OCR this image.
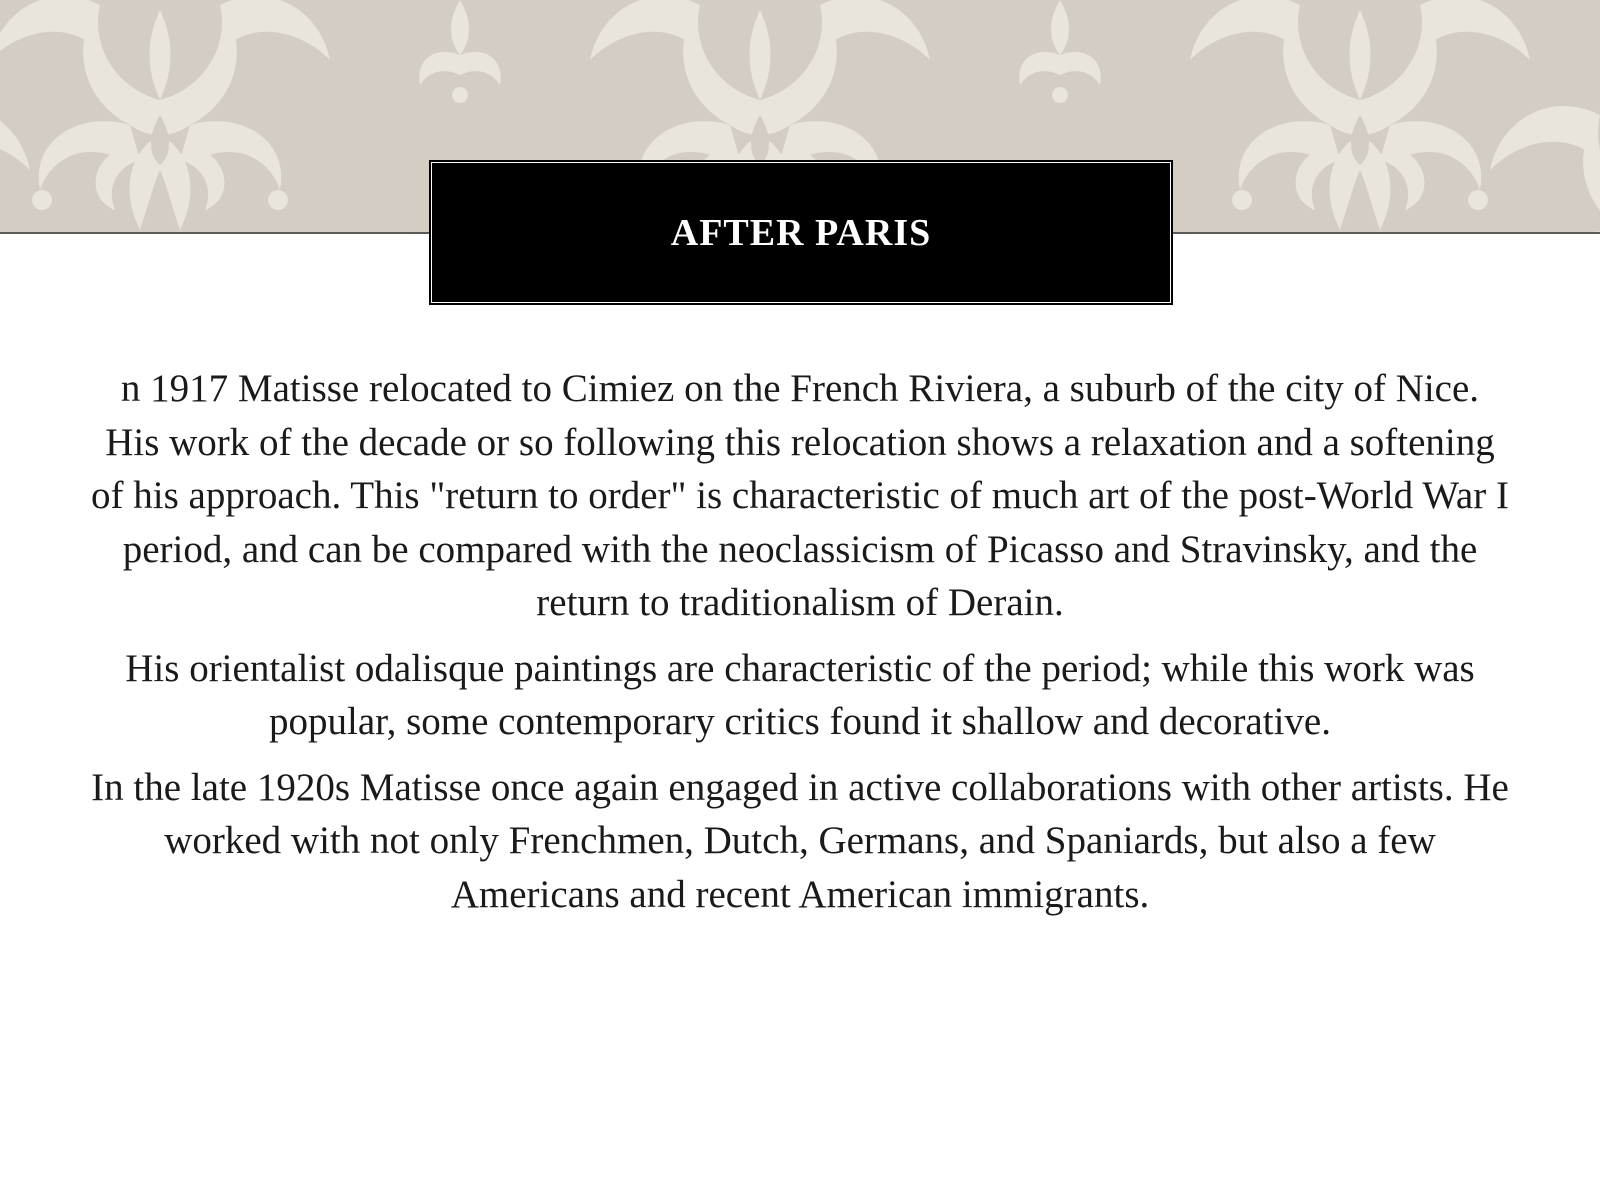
AFTER PARIS

n 1917 Matisse relocated to Cimiez on the French Riviera, a suburb of the city of Nice. His work of the decade or so following this relocation shows a relaxation and a softening of his approach. This "return to order" is characteristic of much art of the post-World War I period, and can be compared with the neoclassicism of Picasso and Stravinsky, and the return to traditionalism of Derain.

His orientalist odalisque paintings are characteristic of the period; while this work was popular, some contemporary critics found it shallow and decorative.

In the late 1920s Matisse once again engaged in active collaborations with other artists. He worked with not only Frenchmen, Dutch, Germans, and Spaniards, but also a few Americans and recent American immigrants.
